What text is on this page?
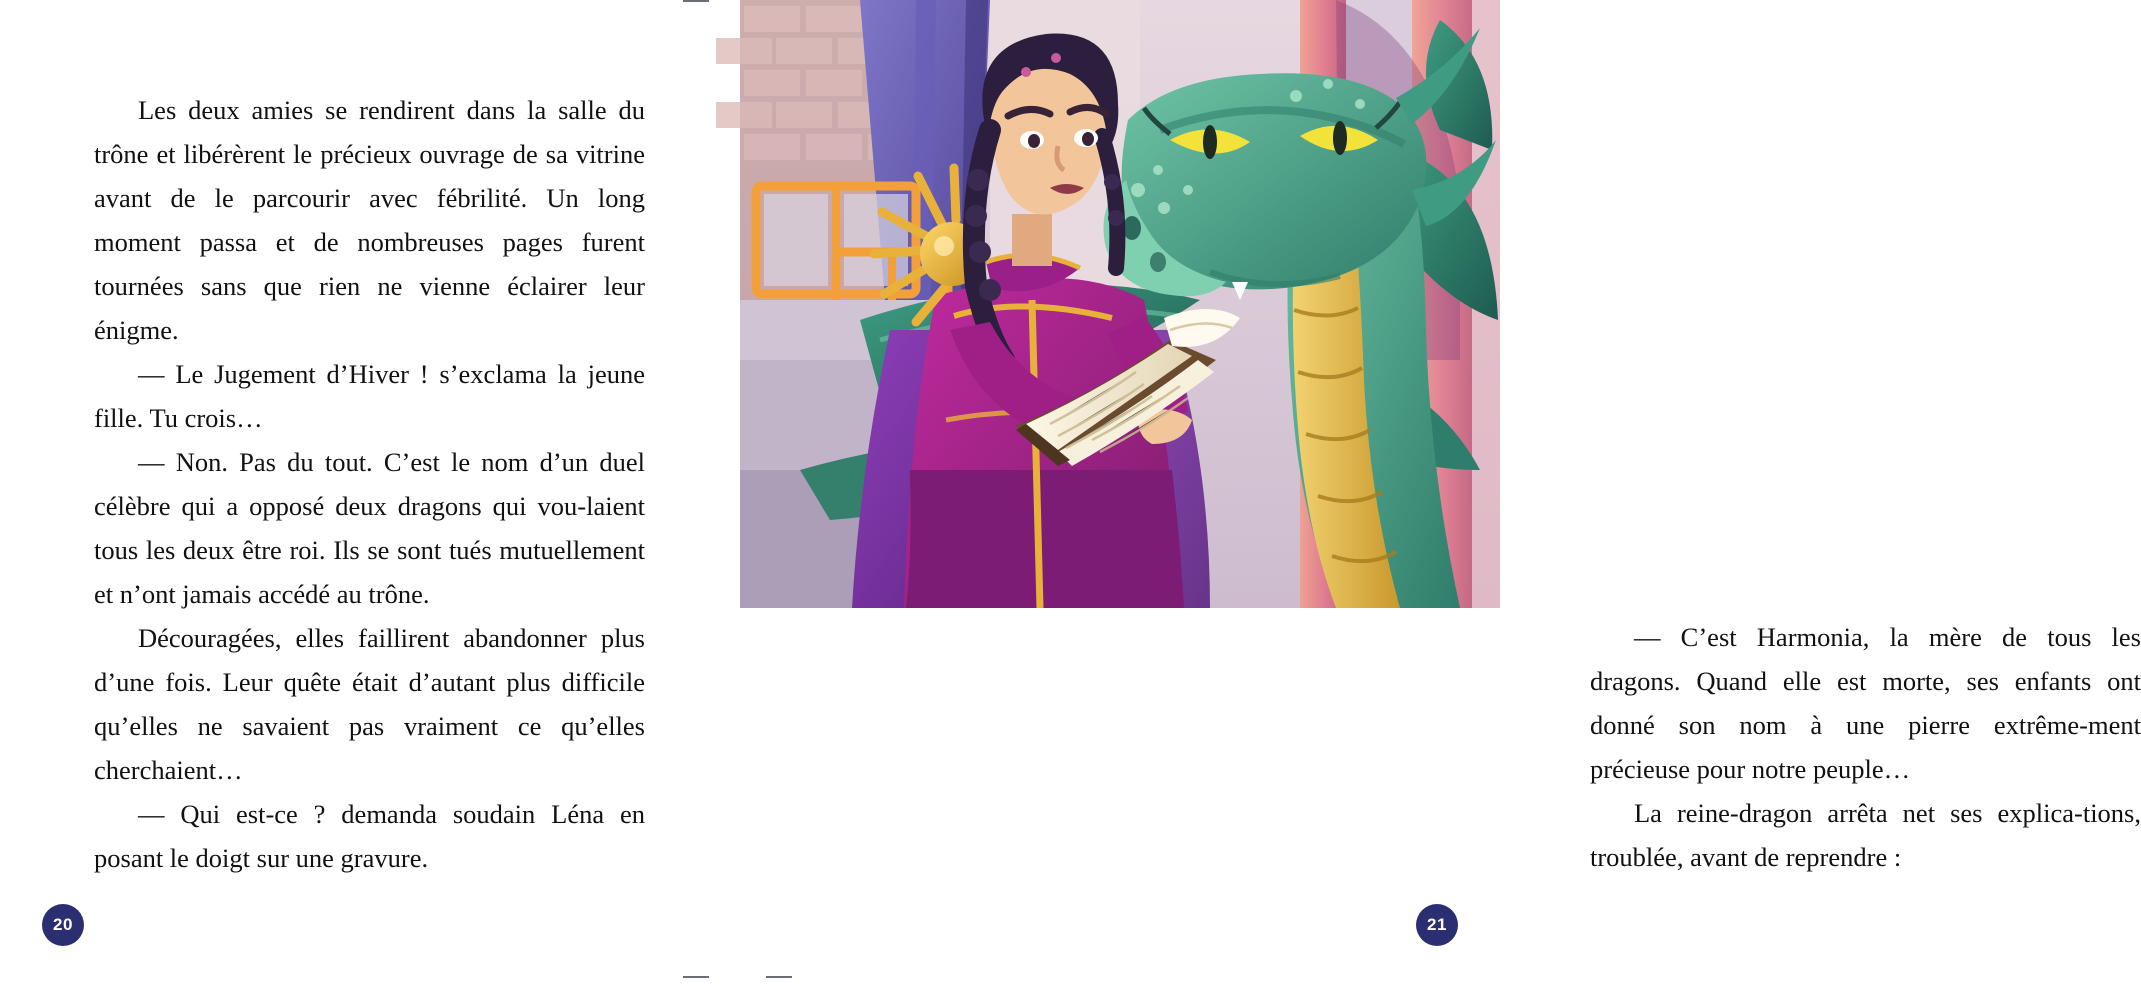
Les deux amies se rendirent dans la salle du trône et libérèrent le précieux ouvrage de sa vitrine avant de le parcourir avec fébrilité. Un long moment passa et de nombreuses pages furent tournées sans que rien ne vienne éclairer leur énigme.

— Le Jugement d’Hiver ! s’exclama la jeune fille. Tu crois…

— Non. Pas du tout. C’est le nom d’un duel célèbre qui a opposé deux dragons qui vou-laient tous les deux être roi. Ils se sont tués mutuellement et n’ont jamais accédé au trône.

Découragées, elles faillirent abandonner plus d’une fois. Leur quête était d’autant plus difficile qu’elles ne savaient pas vraiment ce qu’elles cherchaient…

— Qui est-ce ? demanda soudain Léna en posant le doigt sur une gravure.

20

— C’est Harmonia, la mère de tous les dragons. Quand elle est morte, ses enfants ont donné son nom à une pierre extrême-ment précieuse pour notre peuple…

La reine-dragon arrêta net ses explica-tions, troublée, avant de reprendre :

21
